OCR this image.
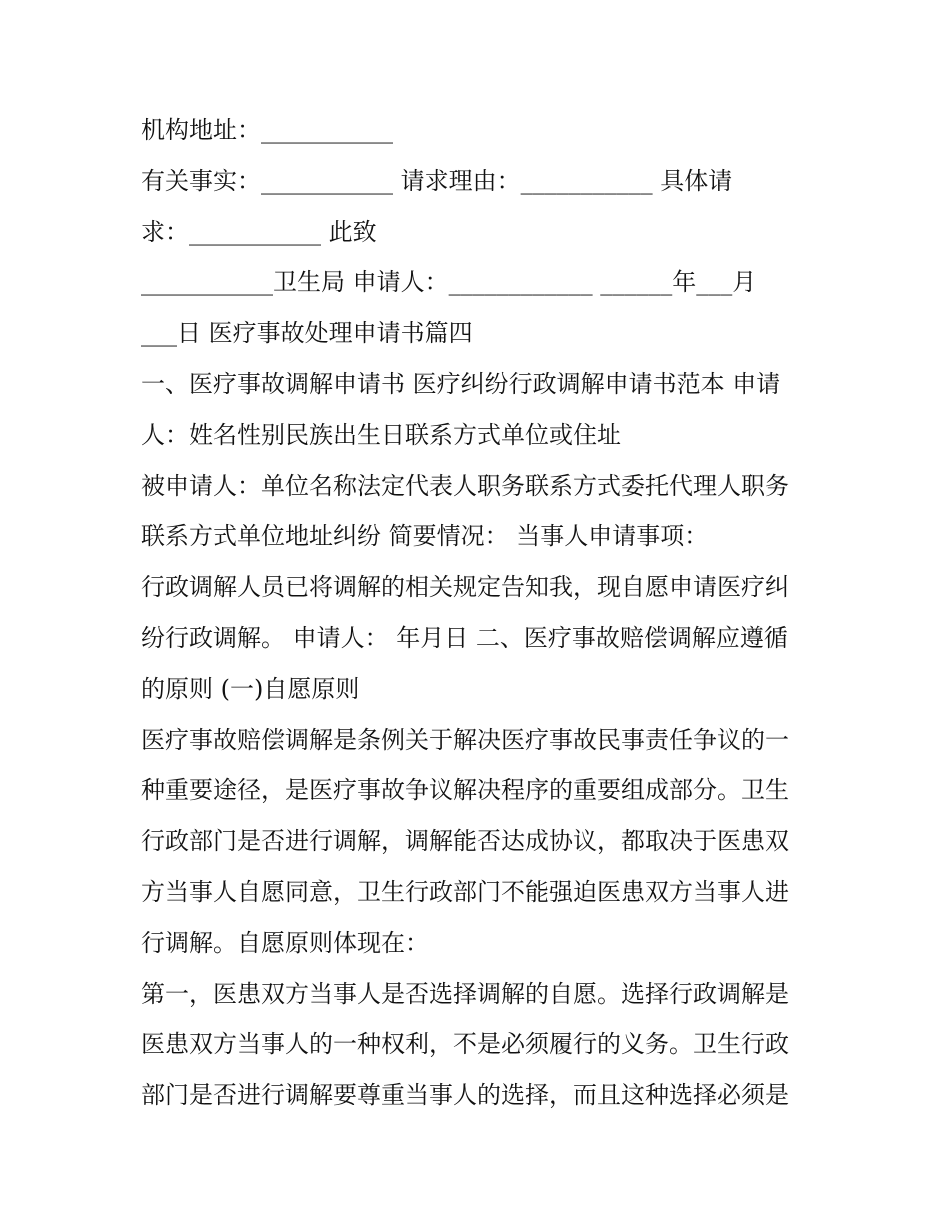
机构地址：___________
有关事实：___________ 请求理由：___________ 具体请
求：___________ 此致
___________卫生局 申请人：____________ ______年___月
___日 医疗事故处理申请书篇四
一、医疗事故调解申请书 医疗纠纷行政调解申请书范本 申请
人：姓名性别民族出生日联系方式单位或住址
被申请人：单位名称法定代表人职务联系方式委托代理人职务
联系方式单位地址纠纷 简要情况： 当事人申请事项：
行政调解人员已将调解的相关规定告知我，现自愿申请医疗纠
纷行政调解。 申请人： 年月日 二、医疗事故赔偿调解应遵循
的原则 (一)自愿原则
医疗事故赔偿调解是条例关于解决医疗事故民事责任争议的一
种重要途径，是医疗事故争议解决程序的重要组成部分。卫生
行政部门是否进行调解，调解能否达成协议，都取决于医患双
方当事人自愿同意，卫生行政部门不能强迫医患双方当事人进
行调解。自愿原则体现在：
第一，医患双方当事人是否选择调解的自愿。选择行政调解是
医患双方当事人的一种权利，不是必须履行的义务。卫生行政
部门是否进行调解要尊重当事人的选择，而且这种选择必须是
